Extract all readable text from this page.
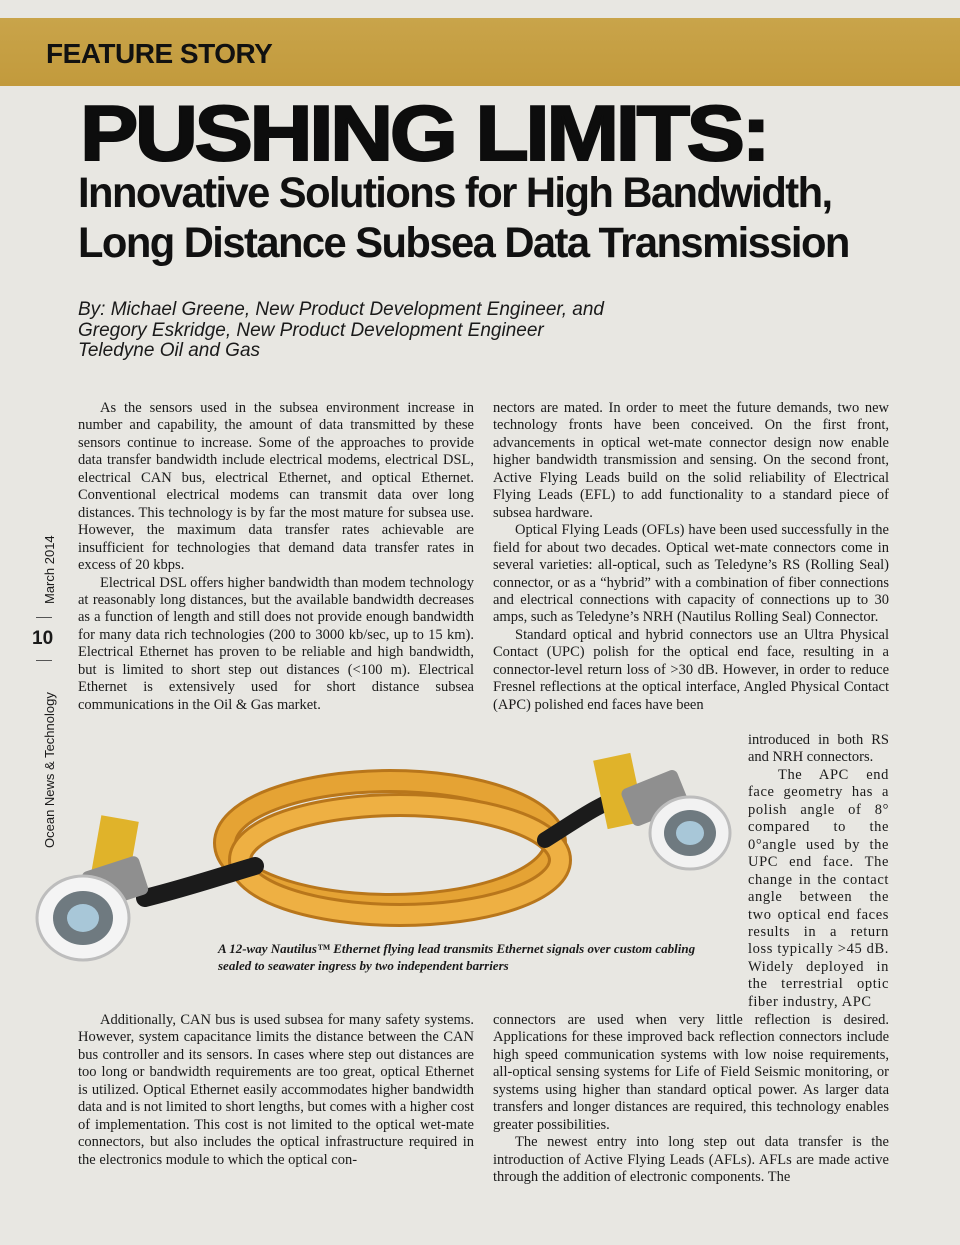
FEATURE STORY
PUSHING LIMITS:
Innovative Solutions for High Bandwidth,
Long Distance Subsea Data Transmission
By: Michael Greene, New Product Development Engineer, and
Gregory Eskridge, New Product Development Engineer
Teledyne Oil and Gas
March 2014
10
Ocean News & Technology

As the sensors used in the subsea environment increase in number and capability, the amount of data transmitted by these sensors continue to increase. Some of the approaches to provide data transfer bandwidth include electrical modems, electrical DSL, electrical CAN bus, electrical Ethernet, and optical Ethernet. Conventional electrical modems can transmit data over long distances. This technology is by far the most mature for subsea use. However, the maximum data transfer rates achievable are insufficient for technologies that demand data transfer rates in excess of 20 kbps.

Electrical DSL offers higher bandwidth than modem technology at reasonably long distances, but the available bandwidth decreases as a function of length and still does not provide enough bandwidth for many data rich technologies (200 to 3000 kb/sec, up to 15 km). Electrical Ethernet has proven to be reliable and high bandwidth, but is limited to short step out distances (<100 m). Electrical Ethernet is extensively used for short distance subsea communications in the Oil & Gas market.

nectors are mated. In order to meet the future demands, two new technology fronts have been conceived. On the first front, advancements in optical wet-mate connector design now enable higher bandwidth transmission and sensing. On the second front, Active Flying Leads build on the solid reliability of Electrical Flying Leads (EFL) to add functionality to a standard piece of subsea hardware.

Optical Flying Leads (OFLs) have been used successfully in the field for about two decades. Optical wet-mate connectors come in several varieties: all-optical, such as Teledyne’s RS (Rolling Seal) connector, or as a “hybrid” with a combination of fiber connections and electrical connections with capacity of connections up to 30 amps, such as Teledyne’s NRH (Nautilus Rolling Seal) Connector.

Standard optical and hybrid connectors use an Ultra Physical Contact (UPC) polish for the optical end face, resulting in a connector-level return loss of >30 dB. However, in order to reduce Fresnel reflections at the optical interface, Angled Physical Contact (APC) polished end faces have been

introduced in both RS and NRH connectors.

The APC end face geometry has a polish angle of 8° compared to the 0°angle used by the UPC end face. The change in the contact angle between the two optical end faces results in a return loss typically >45 dB. Widely deployed in the terrestrial optic fiber industry, APC

A 12-way Nautilus™ Ethernet flying lead transmits Ethernet signals over custom cabling sealed to seawater ingress by two independent barriers

Additionally, CAN bus is used subsea for many safety systems. However, system capacitance limits the distance between the CAN bus controller and its sensors. In cases where step out distances are too long or bandwidth requirements are too great, optical Ethernet is utilized. Optical Ethernet easily accommodates higher bandwidth data and is not limited to short lengths, but comes with a higher cost of implementation. This cost is not limited to the optical wet-mate connectors, but also includes the optical infrastructure required in the electronics module to which the optical con-

connectors are used when very little reflection is desired. Applications for these improved back reflection connectors include high speed communication systems with low noise requirements, all-optical sensing systems for Life of Field Seismic monitoring, or systems using higher than standard optical power. As larger data transfers and longer distances are required, this technology enables greater possibilities.

The newest entry into long step out data transfer is the introduction of Active Flying Leads (AFLs). AFLs are made active through the addition of electronic components. The
